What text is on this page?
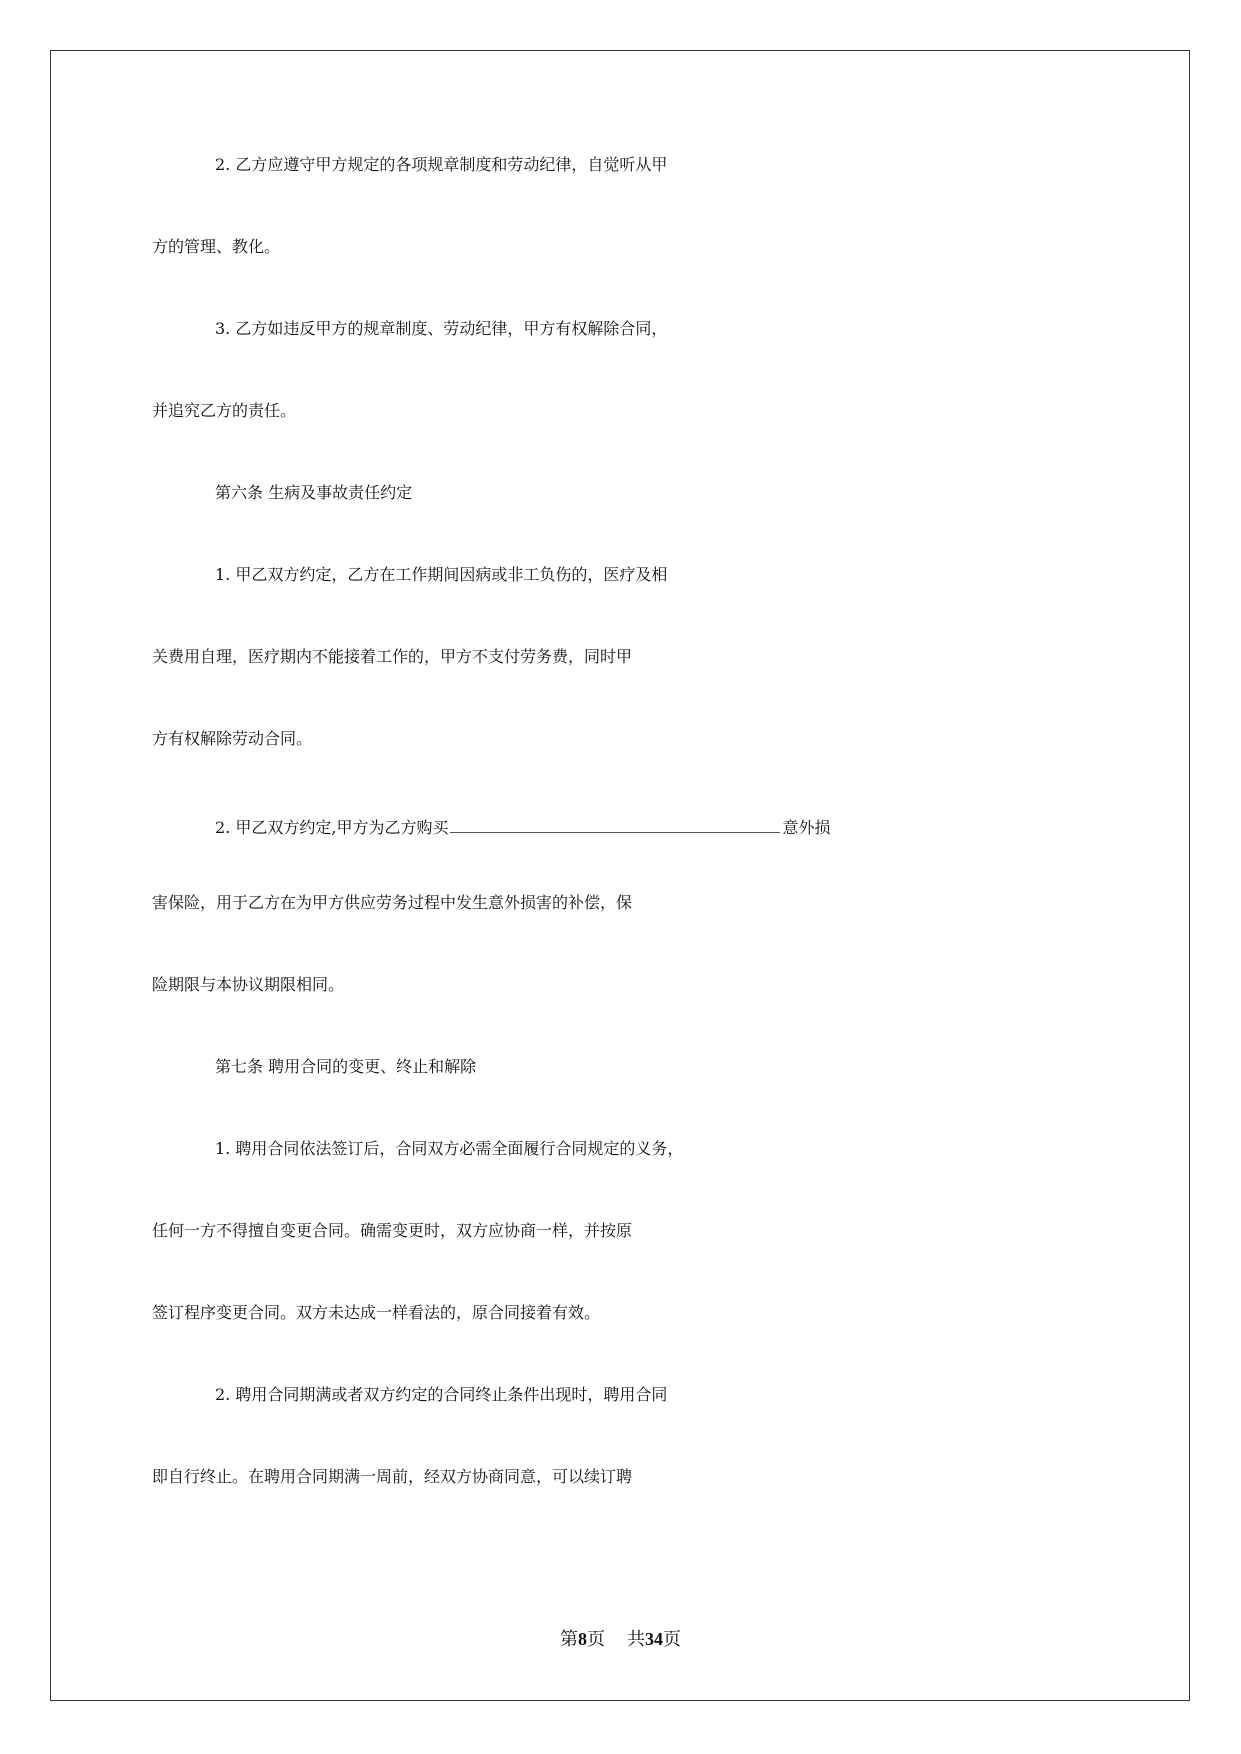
2. 乙方应遵守甲方规定的各项规章制度和劳动纪律，自觉听从甲
方的管理、教化。
3. 乙方如违反甲方的规章制度、劳动纪律，甲方有权解除合同，
并追究乙方的责任。
第六条 生病及事故责任约定
1. 甲乙双方约定，乙方在工作期间因病或非工负伤的，医疗及相
关费用自理，医疗期内不能接着工作的，甲方不支付劳务费，同时甲
方有权解除劳动合同。
2. 甲乙双方约定,甲方为乙方购买	意外损
害保险，用于乙方在为甲方供应劳务过程中发生意外损害的补偿，保
险期限与本协议期限相同。
第七条 聘用合同的变更、终止和解除
1. 聘用合同依法签订后，合同双方必需全面履行合同规定的义务，
任何一方不得擅自变更合同。确需变更时，双方应协商一样，并按原
签订程序变更合同。双方未达成一样看法的，原合同接着有效。
2. 聘用合同期满或者双方约定的合同终止条件出现时，聘用合同
即自行终止。在聘用合同期满一周前，经双方协商同意，可以续订聘
第8页 共34页
